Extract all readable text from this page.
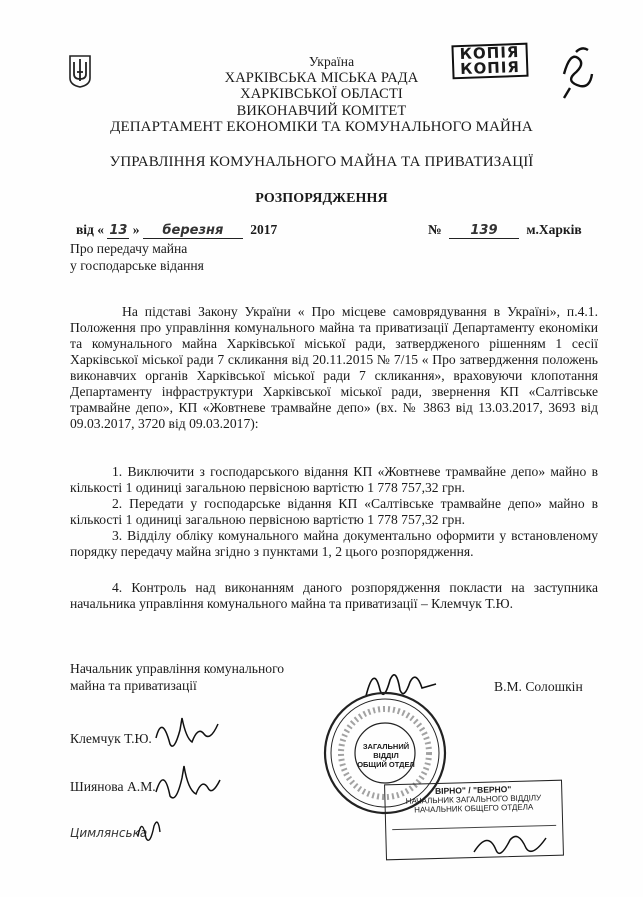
Україна
ХАРКІВСЬКА МІСЬКА РАДА
ХАРКІВСЬКОЇ ОБЛАСТІ
ВИКОНАВЧИЙ КОМІТЕТ
ДЕПАРТАМЕНТ ЕКОНОМІКИ ТА КОМУНАЛЬНОГО МАЙНА
УПРАВЛІННЯ КОМУНАЛЬНОГО МАЙНА ТА ПРИВАТИЗАЦІЇ
РОЗПОРЯДЖЕННЯ
КОПІЯ
КОПІЯ
від « 13 » березня 2017	№ 139 м.Харків
Про передачу майна
у господарське відання
На підставі Закону України « Про місцеве самоврядування в Україні», п.4.1. Положення про управління комунального майна та приватизації Департаменту економіки та комунального майна Харківської міської ради, затвердженого рішенням 1 сесії Харківської міської ради 7 скликання від 20.11.2015 № 7/15 « Про затвердження положень виконавчих органів Харківської міської ради 7 скликання», враховуючи клопотання Департаменту інфраструктури Харківської міської ради, звернення КП «Салтівське трамвайне депо», КП «Жовтневе трамвайне депо» (вх. № 3863 від 13.03.2017, 3693 від 09.03.2017, 3720 від 09.03.2017):
1. Виключити з господарського відання КП «Жовтневе трамвайне депо» майно в кількості 1 одиниці загальною первісною вартістю 1 778 757,32 грн.
2. Передати у господарське відання КП «Салтівське трамвайне депо» майно в кількості 1 одиниці загальною первісною вартістю 1 778 757,32 грн.
3. Відділу обліку комунального майна документально оформити у встановленому порядку передачу майна згідно з пунктами 1, 2 цього розпорядження.
4. Контроль над виконанням даного розпорядження покласти на заступника начальника управління комунального майна та приватизації – Клемчук Т.Ю.
Начальник управління комунального
майна та приватизації	В.М. Солошкін
Клемчук Т.Ю.
Шиянова А.М.
Цимлянська
ЗАГАЛЬНИЙ
ВІДДІЛ
ОБЩИЙ ОТДЕЛ
ВІРНО" / "ВЕРНО"
НАЧАЛЬНИК ЗАГАЛЬНОГО ВІДДІЛУ
НАЧАЛЬНИК ОБЩЕГО ОТДЕЛА
